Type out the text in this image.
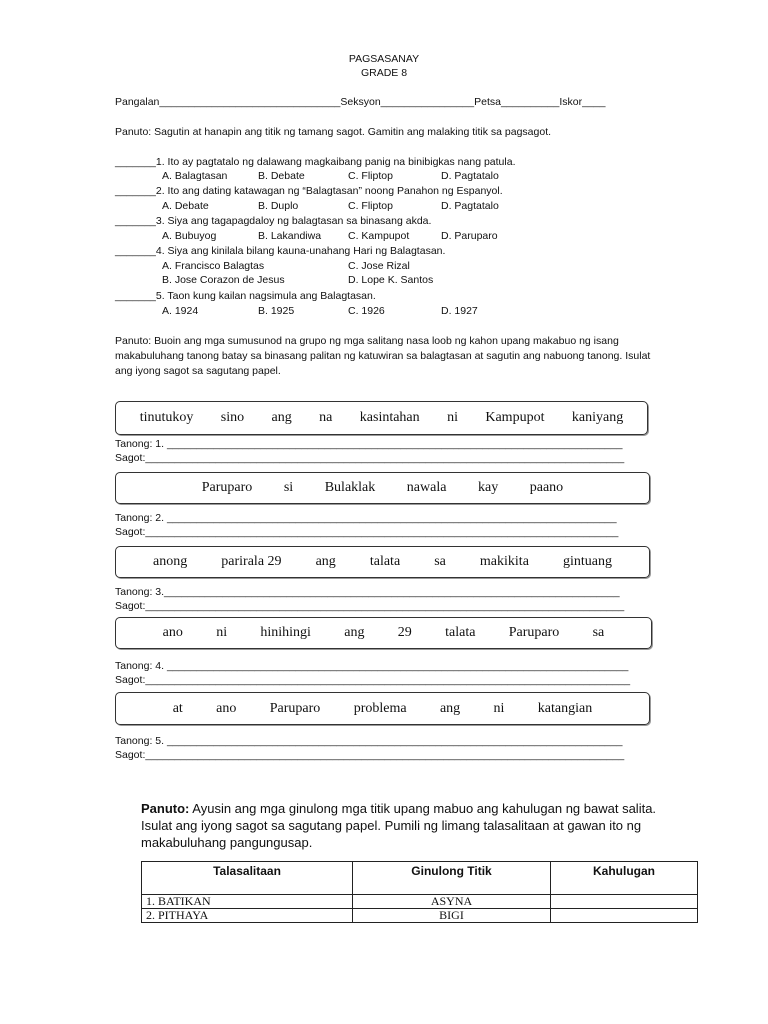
PAGSASANAY
GRADE 8
Pangalan_______________________________Seksyon________________Petsa__________Iskor____
Panuto: Sagutin at hanapin ang titik ng tamang sagot. Gamitin ang malaking titik sa pagsagot.
_______1. Ito ay pagtatalo ng dalawang magkaibang panig na binibigkas nang patula.
A. Balagtasan	B. Debate	C. Fliptop	D. Pagtatalo
_______2. Ito ang dating katawagan ng “Balagtasan” noong Panahon ng Espanyol.
A. Debate	B. Duplo	C. Fliptop	D. Pagtatalo
_______3. Siya ang tagapagdaloy ng balagtasan sa binasang akda.
A. Bubuyog	B. Lakandiwa	C. Kampupot	D. Paruparo
_______4. Siya ang kinilala bilang kauna-unahang Hari ng Balagtasan.
A. Francisco Balagtas	C. Jose Rizal
B. Jose Corazon de Jesus	D. Lope K. Santos
_______5. Taon kung kailan nagsimula ang Balagtasan.
A. 1924	B. 1925	C. 1926	D. 1927
Panuto: Buoin ang mga sumusunod na grupo ng mga salitang nasa loob ng kahon upang makabuo ng isang makabuluhang tanong batay sa binasang palitan ng katuwiran sa balagtasan at sagutin ang nabuong tanong. Isulat ang iyong sagot sa sagutang papel.
tinutukoy sino ang na kasintahan ni Kampupot kaniyang
Tanong: 1. ______________________________________________________________________________
Sagot:__________________________________________________________________________________
Paruparo si Bulaklak nawala kay paano
Tanong: 2. _____________________________________________________________________________
Sagot:_________________________________________________________________________________
anong parirala 29 ang talata sa makikita gintuang
Tanong: 3.______________________________________________________________________________
Sagot:__________________________________________________________________________________
ano ni hinihingi ang 29 talata Paruparo sa
Tanong: 4. _______________________________________________________________________________
Sagot:___________________________________________________________________________________
at ano Paruparo problema ang ni katangian
Tanong: 5. ______________________________________________________________________________
Sagot:__________________________________________________________________________________
Panuto: Ayusin ang mga ginulong mga titik upang mabuo ang kahulugan ng bawat salita. Isulat ang iyong sagot sa sagutang papel. Pumili ng limang talasalitaan at gawan ito ng makabuluhang pangungusap.
Talasalitaan	Ginulong Titik	Kahulugan
1. BATIKAN	ASYNA	
2. PITHAYA	BIGI	
